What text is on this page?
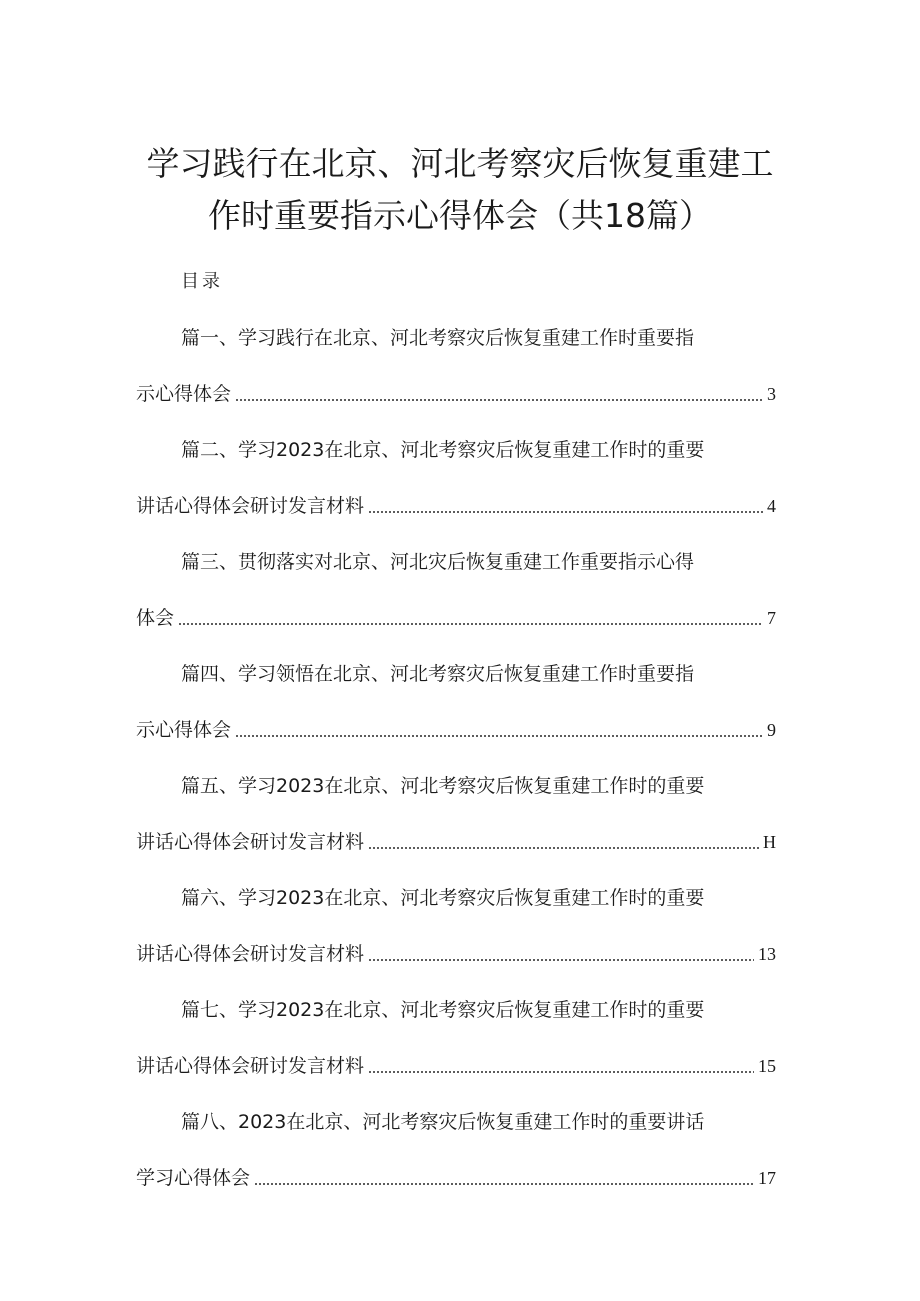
学习践行在北京、河北考察灾后恢复重建工
作时重要指示心得体会（共18篇）
目录
篇一、学习践行在北京、河北考察灾后恢复重建工作时重要指
示心得体会	3
篇二、学习2023在北京、河北考察灾后恢复重建工作时的重要
讲话心得体会研讨发言材料	4
篇三、贯彻落实对北京、河北灾后恢复重建工作重要指示心得
体会	7
篇四、学习领悟在北京、河北考察灾后恢复重建工作时重要指
示心得体会	9
篇五、学习2023在北京、河北考察灾后恢复重建工作时的重要
讲话心得体会研讨发言材料	H
篇六、学习2023在北京、河北考察灾后恢复重建工作时的重要
讲话心得体会研讨发言材料	13
篇七、学习2023在北京、河北考察灾后恢复重建工作时的重要
讲话心得体会研讨发言材料	15
篇八、2023在北京、河北考察灾后恢复重建工作时的重要讲话
学习心得体会	17
